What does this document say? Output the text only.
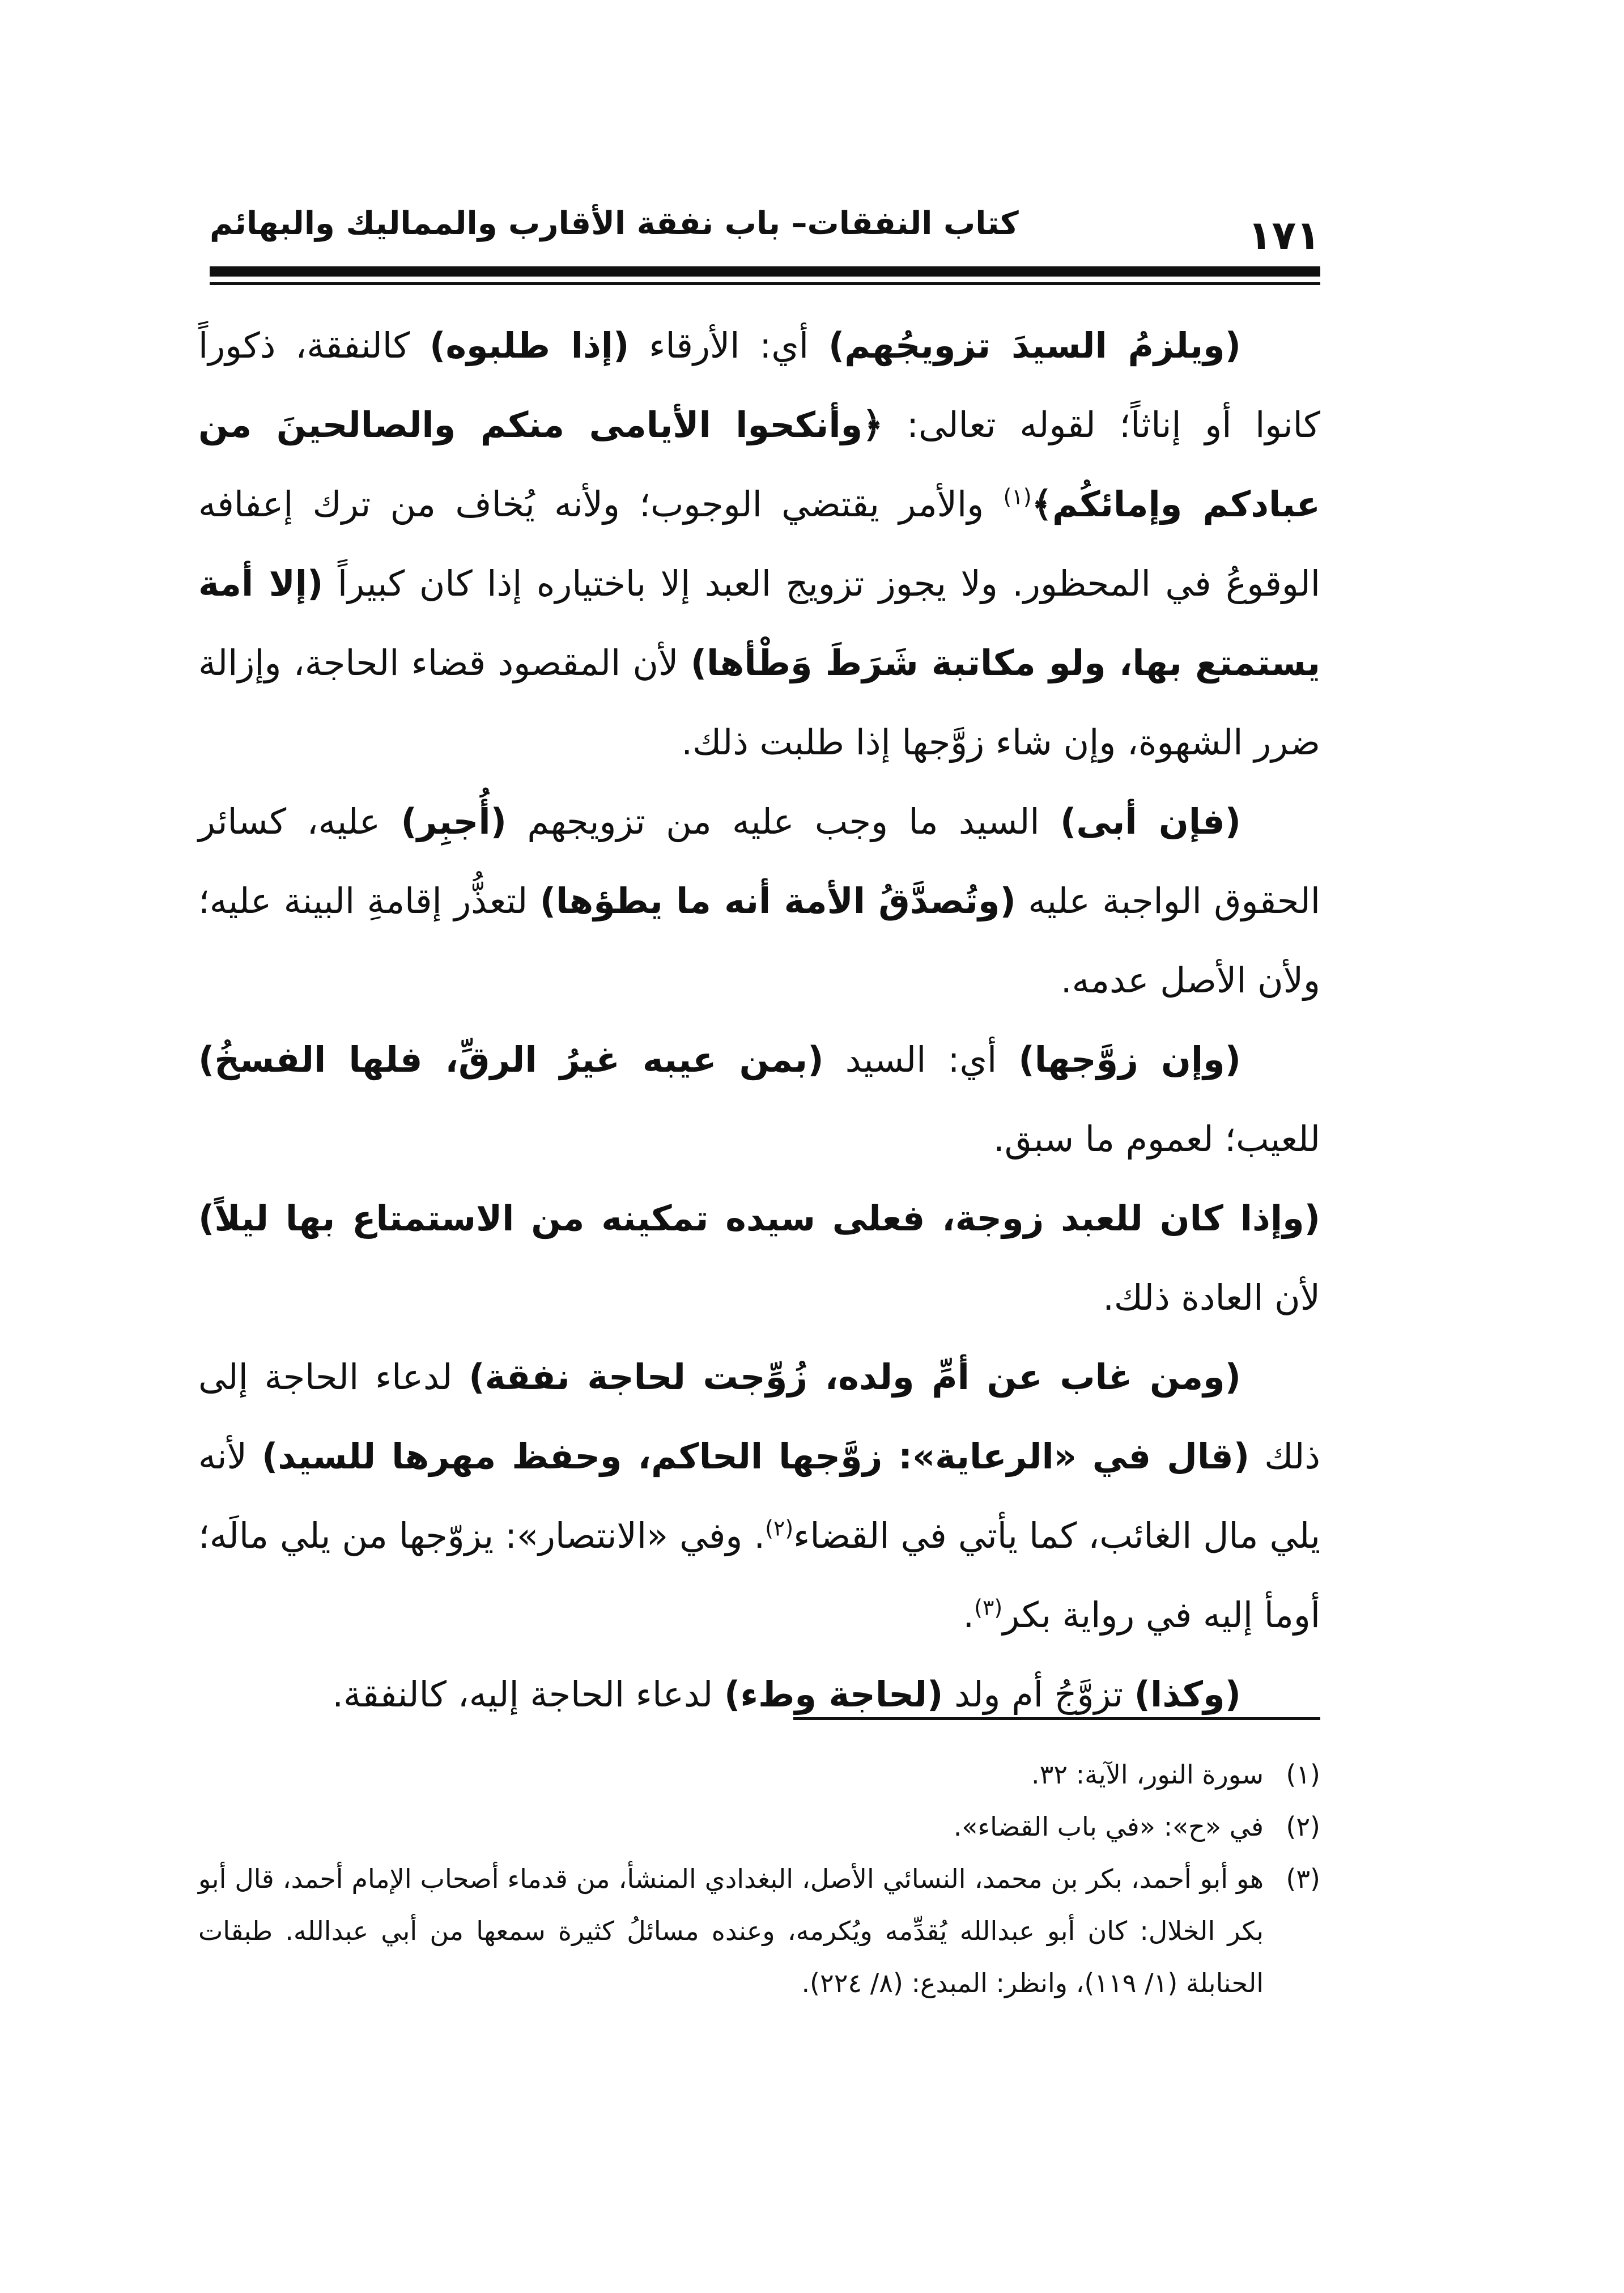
١٧١
كتاب النفقات– باب نفقة الأقارب والمماليك والبهائم

(ويلزمُ السيدَ تزويجُهم) أي: الأرقاء (إذا طلبوه) كالنفقة، ذكوراً كانوا أو إناثاً؛ لقوله تعالى: ﴿وأنكحوا الأيامى منكم والصالحينَ من عبادكم وإمائكُم﴾$^{(١)}$ والأمر يقتضي الوجوب؛ ولأنه يُخاف من ترك إعفافه الوقوعُ في المحظور. ولا يجوز تزويج العبد إلا باختياره إذا كان كبيراً (إلا أمة يستمتع بها، ولو مكاتبة شَرَطَ وَطْأها) لأن المقصود قضاء الحاجة، وإزالة ضرر الشهوة، وإن شاء زوَّجها إذا طلبت ذلك.

(فإن أبى) السيد ما وجب عليه من تزويجهم (أُجبِر) عليه، كسائر الحقوق الواجبة عليه (وتُصدَّقُ الأمة أنه ما يطؤها) لتعذُّر إقامةِ البينة عليه؛ ولأن الأصل عدمه.

(وإن زوَّجها) أي: السيد (بمن عيبه غيرُ الرقِّ، فلها الفسخُ) للعيب؛ لعموم ما سبق.

(وإذا كان للعبد زوجة، فعلى سيده تمكينه من الاستمتاع بها ليلاً) لأن العادة ذلك.

(ومن غاب عن أمِّ ولده، زُوِّجت لحاجة نفقة) لدعاء الحاجة إلى ذلك (قال في «الرعاية»: زوَّجها الحاكم، وحفظ مهرها للسيد) لأنه يلي مال الغائب، كما يأتي في القضاء$^{(٢)}$. وفي «الانتصار»: يزوّجها من يلي مالَه؛ أومأ إليه في رواية بكر$^{(٣)}$.

(وكذا) تزوَّجُ أم ولد (لحاجة وطء) لدعاء الحاجة إليه، كالنفقة.

(١)سورة النور، الآية: ٣٢.

(٢)في «ح»: «في باب القضاء».

(٣)هو أبو أحمد، بكر بن محمد، النسائي الأصل، البغدادي المنشأ، من قدماء أصحاب الإمام أحمد، قال أبو بكر الخلال: كان أبو عبدالله يُقدِّمه ويُكرمه، وعنده مسائلُ كثيرة سمعها من أبي عبدالله. طبقات الحنابلة (١/ ١١٩)، وانظر: المبدع: (٨/ ٢٢٤).
